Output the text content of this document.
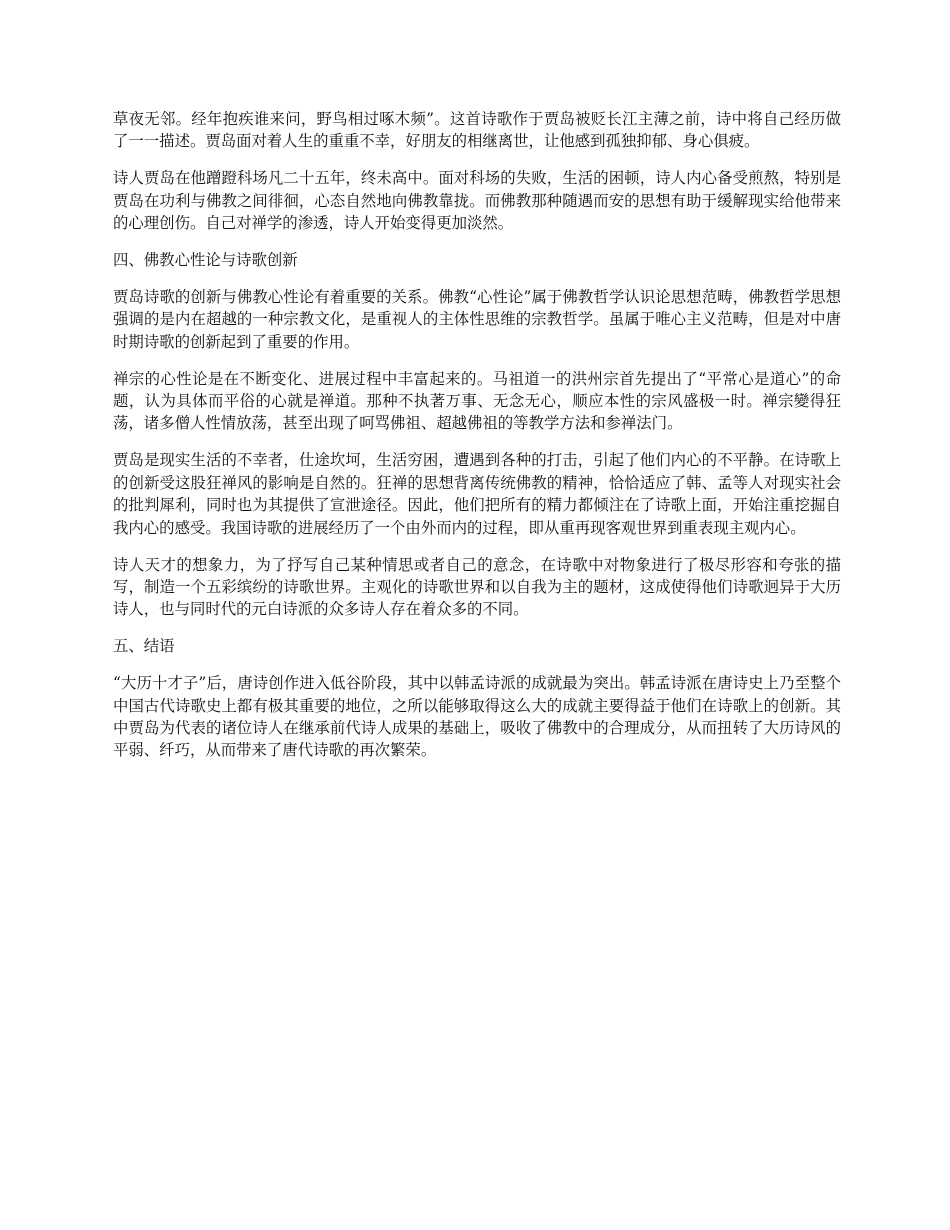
草夜无邻。经年抱疾谁来问，野鸟相过啄木频”。这首诗歌作于贾岛被贬长江主薄之前，诗中将自己经历做了一一描述。贾岛面对着人生的重重不幸，好朋友的相继离世，让他感到孤独抑郁、身心俱疲。

诗人贾岛在他蹭蹬科场凡二十五年，终未高中。面对科场的失败，生活的困顿，诗人内心备受煎熬，特别是贾岛在功利与佛教之间徘徊，心态自然地向佛教靠拢。而佛教那种随遇而安的思想有助于缓解现实给他带来的心理创伤。自己对禅学的渗透，诗人开始变得更加淡然。

四、佛教心性论与诗歌创新

贾岛诗歌的创新与佛教心性论有着重要的关系。佛教“心性论”属于佛教哲学认识论思想范畴，佛教哲学思想强调的是内在超越的一种宗教文化，是重视人的主体性思维的宗教哲学。虽属于唯心主义范畴，但是对中唐时期诗歌的创新起到了重要的作用。

禅宗的心性论是在不断变化、进展过程中丰富起来的。马祖道一的洪州宗首先提出了“平常心是道心”的命题，认为具体而平俗的心就是禅道。那种不执著万事、无念无心，顺应本性的宗风盛极一时。禅宗變得狂荡，诸多僧人性情放荡，甚至出现了呵骂佛祖、超越佛祖的等教学方法和参禅法门。

贾岛是现实生活的不幸者，仕途坎坷，生活穷困，遭遇到各种的打击，引起了他们内心的不平静。在诗歌上的创新受这股狂禅风的影响是自然的。狂禅的思想背离传统佛教的精神，恰恰适应了韩、孟等人对现实社会的批判犀利，同时也为其提供了宣泄途径。因此，他们把所有的精力都倾注在了诗歌上面，开始注重挖掘自我内心的感受。我国诗歌的进展经历了一个由外而内的过程，即从重再现客观世界到重表现主观内心。

诗人天才的想象力，为了抒写自己某种情思或者自己的意念，在诗歌中对物象进行了极尽形容和夸张的描写，制造一个五彩缤纷的诗歌世界。主观化的诗歌世界和以自我为主的题材，这成使得他们诗歌迥异于大历诗人，也与同时代的元白诗派的众多诗人存在着众多的不同。

五、结语

“大历十才子”后，唐诗创作进入低谷阶段，其中以韩孟诗派的成就最为突出。韩孟诗派在唐诗史上乃至整个中国古代诗歌史上都有极其重要的地位，之所以能够取得这么大的成就主要得益于他们在诗歌上的创新。其中贾岛为代表的诸位诗人在继承前代诗人成果的基础上，吸收了佛教中的合理成分，从而扭转了大历诗风的平弱、纤巧，从而带来了唐代诗歌的再次繁荣。
